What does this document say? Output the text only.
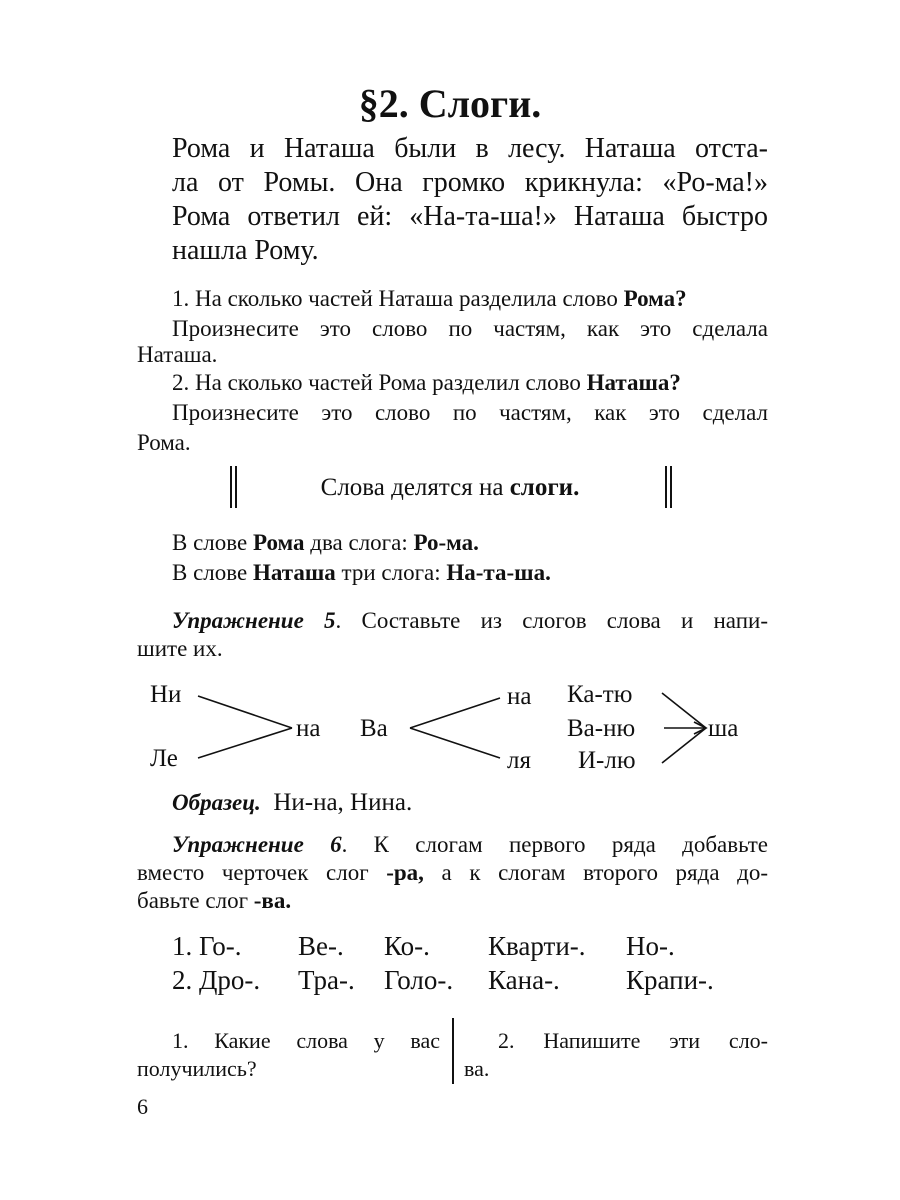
§2. Слоги.
Рома и Наташа были в лесу. Наташа отста-
ла от Ромы. Она громко крикнула: «Ро-ма!»
Рома ответил ей: «На-та-ша!» Наташа быстро
нашла Рому.
1. На сколько частей Наташа разделила слово Рома?
Произнесите это слово по частям, как это сделала
Наташа.
2. На сколько частей Рома разделил слово Наташа?
Произнесите это слово по частям, как это сделал
Рома.
Слова делятся на слоги.
В слове Рома два слога: Ро-ма.
В слове Наташа три слога: На-та-ша.
Упражнение 5. Составьте из слогов слова и напи-
шите их.
Ни
Ле
на Ва
на
ля
Ка-тю
Ва-ню
И-лю
ша
Образец. Ни-на, Нина.
Упражнение 6. К слогам первого ряда добавьте
вместо черточек слог -ра, а к слогам второго ряда до-
бавьте слог -ва.
1. Го-. Ве-. Ко-. Кварти-. Но-.
2. Дро-. Тра-. Голо-. Кана-. Крапи-.
1. Какие слова у вас
получились?
2. Напишите эти сло-
ва.
6
